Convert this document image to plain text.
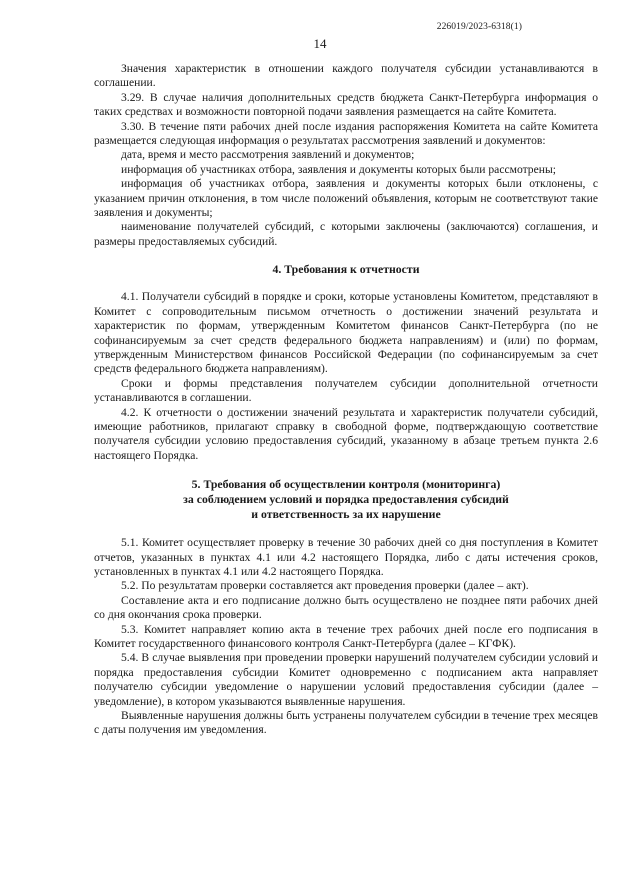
226019/2023-6318(1)
14

Значения характеристик в отношении каждого получателя субсидии устанавливаются в соглашении.

3.29. В случае наличия дополнительных средств бюджета Санкт-Петербурга информация о таких средствах и возможности повторной подачи заявления размещается на сайте Комитета.

3.30. В течение пяти рабочих дней после издания распоряжения Комитета на сайте Комитета размещается следующая информация о результатах рассмотрения заявлений и документов:

дата, время и место рассмотрения заявлений и документов;

информация об участниках отбора, заявления и документы которых были рассмотрены;

информация об участниках отбора, заявления и документы которых были отклонены, с указанием причин отклонения, в том числе положений объявления, которым не соответствуют такие заявления и документы;

наименование получателей субсидий, с которыми заключены (заключаются) соглашения, и размеры предоставляемых субсидий.

4. Требования к отчетности

4.1. Получатели субсидий в порядке и сроки, которые установлены Комитетом, представляют в Комитет с сопроводительным письмом отчетность о достижении значений результата и характеристик по формам, утвержденным Комитетом финансов Санкт-Петербурга (по не софинансируемым за счет средств федерального бюджета направлениям) и (или) по формам, утвержденным Министерством финансов Российской Федерации (по софинансируемым за счет средств федерального бюджета направлениям).

Сроки и формы представления получателем субсидии дополнительной отчетности устанавливаются в соглашении.

4.2. К отчетности о достижении значений результата и характеристик получатели субсидий, имеющие работников, прилагают справку в свободной форме, подтверждающую соответствие получателя субсидии условию предоставления субсидий, указанному в абзаце третьем пункта 2.6 настоящего Порядка.

5. Требования об осуществлении контроля (мониторинга)
за соблюдением условий и порядка предоставления субсидий
и ответственность за их нарушение

5.1. Комитет осуществляет проверку в течение 30 рабочих дней со дня поступления в Комитет отчетов, указанных в пунктах 4.1 или 4.2 настоящего Порядка, либо с даты истечения сроков, установленных в пунктах 4.1 или 4.2 настоящего Порядка.

5.2. По результатам проверки составляется акт проведения проверки (далее – акт).

Составление акта и его подписание должно быть осуществлено не позднее пяти рабочих дней со дня окончания срока проверки.

5.3. Комитет направляет копию акта в течение трех рабочих дней после его подписания в Комитет государственного финансового контроля Санкт-Петербурга (далее – КГФК).

5.4. В случае выявления при проведении проверки нарушений получателем субсидии условий и порядка предоставления субсидии Комитет одновременно с подписанием акта направляет получателю субсидии уведомление о нарушении условий предоставления субсидии (далее – уведомление), в котором указываются выявленные нарушения.

Выявленные нарушения должны быть устранены получателем субсидии в течение трех месяцев с даты получения им уведомления.
